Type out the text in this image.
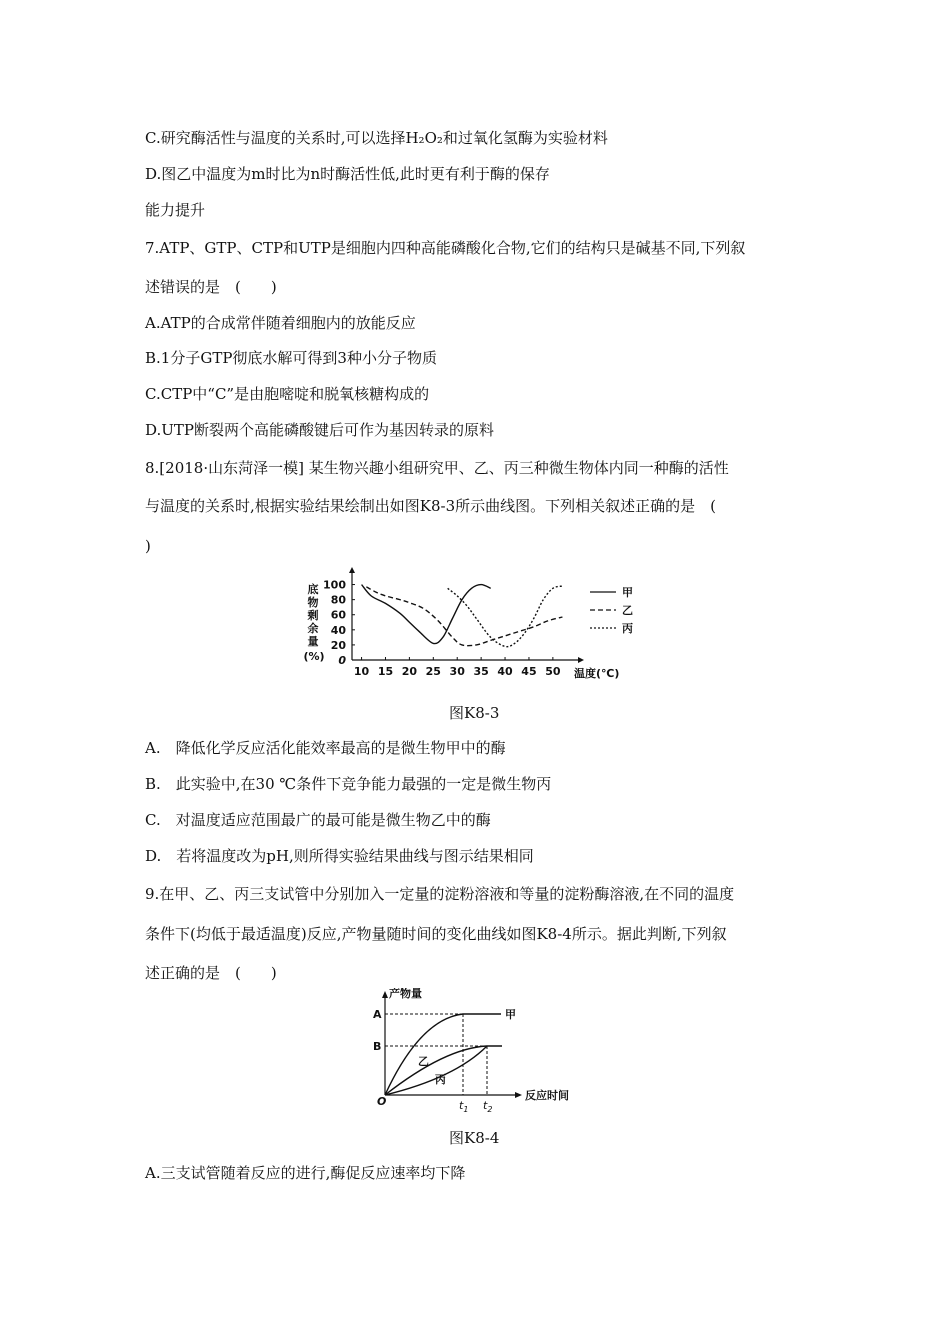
C.研究酶活性与温度的关系时,可以选择H₂O₂和过氧化氢酶为实验材料
D.图乙中温度为m时比为n时酶活性低,此时更有利于酶的保存
能力提升
7.ATP、GTP、CTP和UTP是细胞内四种高能磷酸化合物,它们的结构只是碱基不同,下列叙
述错误的是　(　　)
A.ATP的合成常伴随着细胞内的放能反应
B.1分子GTP彻底水解可得到3种小分子物质
C.CTP中“C”是由胞嘧啶和脱氧核糖构成的
D.UTP断裂两个高能磷酸键后可作为基因转录的原料
8.[2018·山东菏泽一模] 某生物兴趣小组研究甲、乙、丙三种微生物体内同一种酶的活性
与温度的关系时,根据实验结果绘制出如图K8-3所示曲线图。下列相关叙述正确的是　(
)
10 15 20 25 30 35 40 45 50
0
20
40
60
80
100
底
物
剩
余
量
(%)
温度(℃)
甲
乙
丙
图K8-3
A.　降低化学反应活化能效率最高的是微生物甲中的酶
B.　此实验中,在30 ℃条件下竞争能力最强的一定是微生物丙
C.　对温度适应范围最广的最可能是微生物乙中的酶
D.　若将温度改为pH,则所得实验结果曲线与图示结果相同
9.在甲、乙、丙三支试管中分别加入一定量的淀粉溶液和等量的淀粉酶溶液,在不同的温度
条件下(均低于最适温度)反应,产物量随时间的变化曲线如图K8-4所示。据此判断,下列叙
述正确的是　(　　)
产物量
反应时间
O
A
B
$t_1$ $t_2$
甲
乙
丙
图K8-4
A.三支试管随着反应的进行,酶促反应速率均下降
